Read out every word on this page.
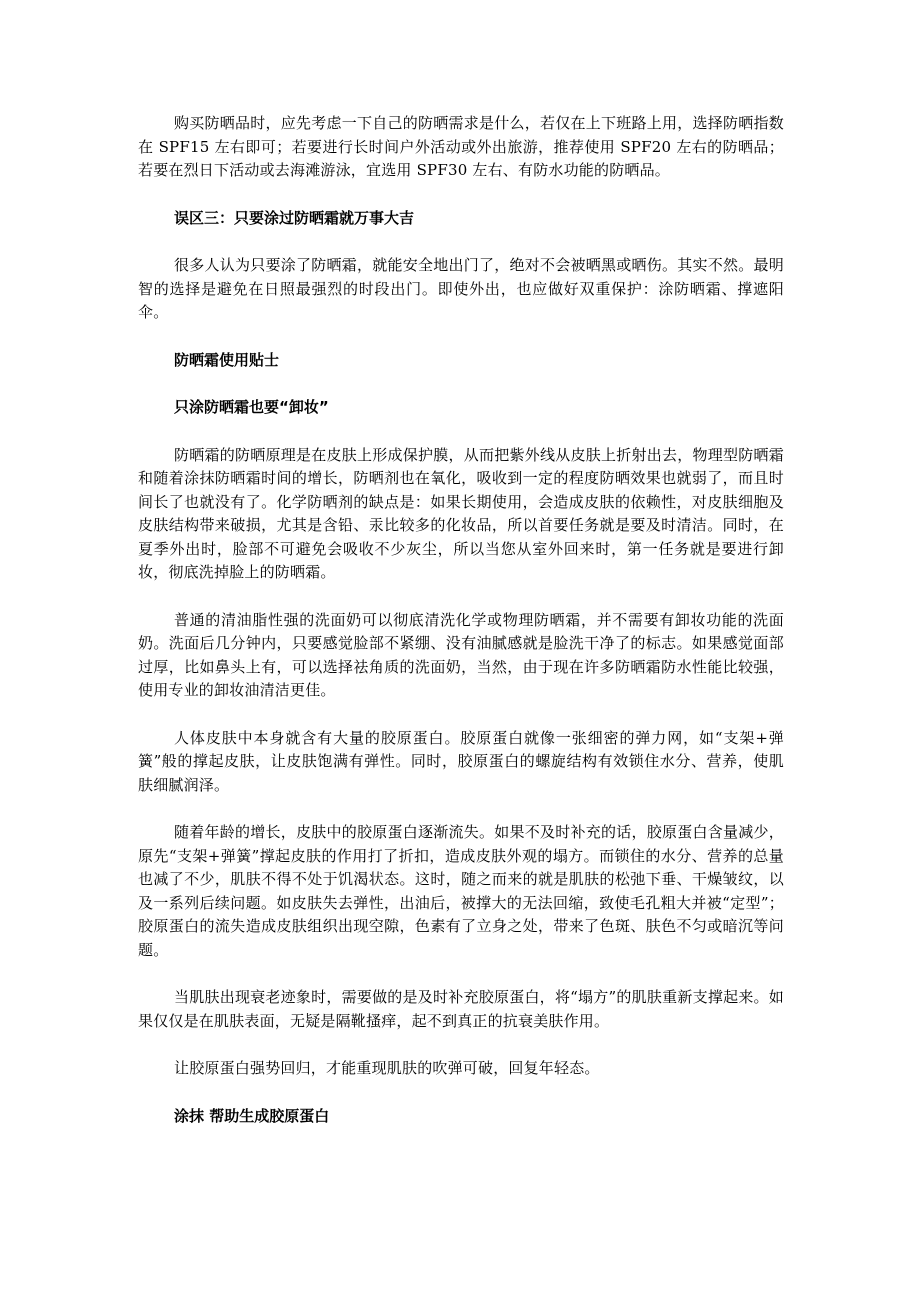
购买防晒品时，应先考虑一下自己的防晒需求是什么，若仅在上下班路上用，选择防晒指数在 SPF15 左右即可；若要进行长时间户外活动或外出旅游，推荐使用 SPF20 左右的防晒品；若要在烈日下活动或去海滩游泳，宜选用 SPF30 左右、有防水功能的防晒品。

误区三：只要涂过防晒霜就万事大吉

很多人认为只要涂了防晒霜，就能安全地出门了，绝对不会被晒黑或晒伤。其实不然。最明智的选择是避免在日照最强烈的时段出门。即使外出，也应做好双重保护：涂防晒霜、撑遮阳伞。

防晒霜使用贴士

只涂防晒霜也要“卸妆”

防晒霜的防晒原理是在皮肤上形成保护膜，从而把紫外线从皮肤上折射出去，物理型防晒霜和随着涂抹防晒霜时间的增长，防晒剂也在氧化，吸收到一定的程度防晒效果也就弱了，而且时间长了也就没有了。化学防晒剂的缺点是：如果长期使用，会造成皮肤的依赖性，对皮肤细胞及皮肤结构带来破损，尤其是含铅、汞比较多的化妆品，所以首要任务就是要及时清洁。同时，在夏季外出时，脸部不可避免会吸收不少灰尘，所以当您从室外回来时，第一任务就是要进行卸妆，彻底洗掉脸上的防晒霜。

普通的清油脂性强的洗面奶可以彻底清洗化学或物理防晒霜，并不需要有卸妆功能的洗面奶。洗面后几分钟内，只要感觉脸部不紧绷、没有油腻感就是脸洗干净了的标志。如果感觉面部过厚，比如鼻头上有，可以选择祛角质的洗面奶，当然，由于现在许多防晒霜防水性能比较强，使用专业的卸妆油清洁更佳。

人体皮肤中本身就含有大量的胶原蛋白。胶原蛋白就像一张细密的弹力网，如“支架+弹簧”般的撑起皮肤，让皮肤饱满有弹性。同时，胶原蛋白的螺旋结构有效锁住水分、营养，使肌肤细腻润泽。

随着年龄的增长，皮肤中的胶原蛋白逐渐流失。如果不及时补充的话，胶原蛋白含量减少，原先“支架+弹簧”撑起皮肤的作用打了折扣，造成皮肤外观的塌方。而锁住的水分、营养的总量也减了不少，肌肤不得不处于饥渴状态。这时，随之而来的就是肌肤的松弛下垂、干燥皱纹，以及一系列后续问题。如皮肤失去弹性，出油后，被撑大的无法回缩，致使毛孔粗大并被“定型”；胶原蛋白的流失造成皮肤组织出现空隙，色素有了立身之处，带来了色斑、肤色不匀或暗沉等问题。

当肌肤出现衰老迹象时，需要做的是及时补充胶原蛋白，将“塌方”的肌肤重新支撑起来。如果仅仅是在肌肤表面，无疑是隔靴搔痒，起不到真正的抗衰美肤作用。

让胶原蛋白强势回归，才能重现肌肤的吹弹可破，回复年轻态。

涂抹 帮助生成胶原蛋白
